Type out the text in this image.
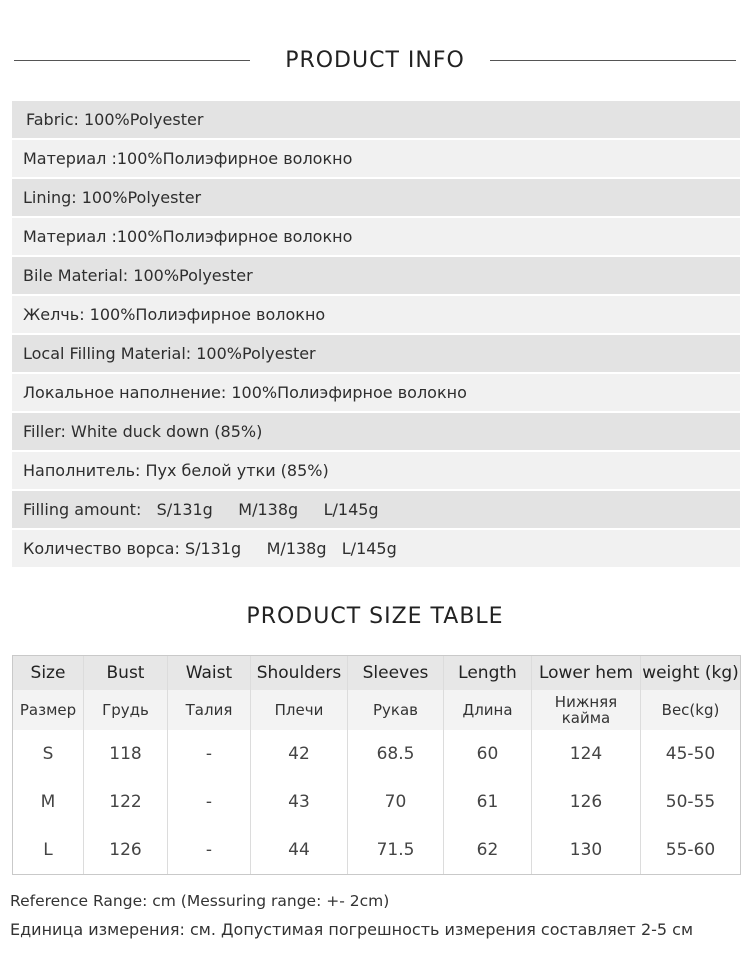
PRODUCT INFO
Fabric: 100%Polyester
Материал :100%Полиэфирное волокно
Lining: 100%Polyester
Материал :100%Полиэфирное волокно
Bile Material: 100%Polyester
Желчь: 100%Полиэфирное волокно
Local Filling Material: 100%Polyester
Локальное наполнение: 100%Полиэфирное волокно
Filler: White duck down (85%)
Наполнитель: Пух белой утки (85%)
Filling amount:   S/131g     M/138g     L/145g
Количество ворса: S/131g     M/138g   L/145g
PRODUCT SIZE TABLE
Size	Bust	Waist	Shoulders	Sleeves	Length	Lower hem	weight (kg)
Размер	Грудь	Талия	Плечи	Рукав	Длина	Нижняя кайма	Вес(kg)
S	118	-	42	68.5	60	124	45-50
M	122	-	43	70	61	126	50-55
L	126	-	44	71.5	62	130	55-60
Reference Range: cm (Messuring range: +- 2cm)
Единица измерения: см. Допустимая погрешность измерения составляет 2-5 см
